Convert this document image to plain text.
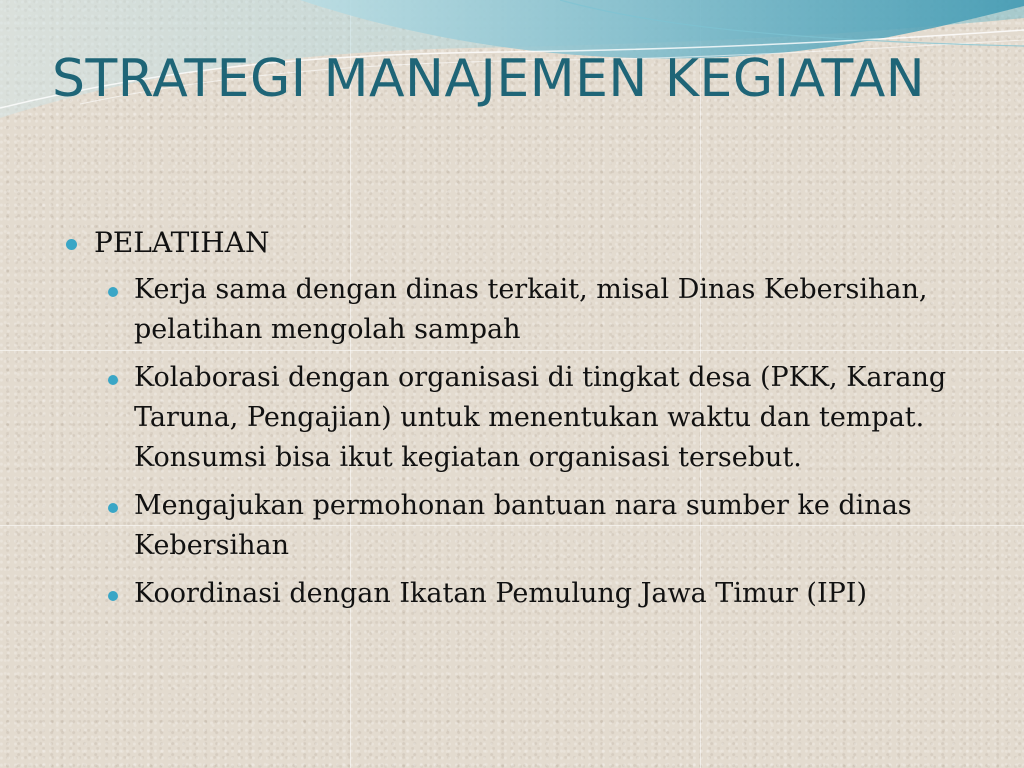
STRATEGI MANAJEMEN KEGIATAN
PELATIHAN
Kerja sama dengan dinas terkait, misal Dinas Kebersihan, pelatihan mengolah sampah
Kolaborasi dengan organisasi di tingkat desa (PKK, Karang Taruna, Pengajian) untuk menentukan waktu dan tempat. Konsumsi bisa ikut kegiatan organisasi tersebut.
Mengajukan permohonan bantuan nara sumber ke dinas Kebersihan
Koordinasi dengan Ikatan Pemulung Jawa Timur (IPI)
